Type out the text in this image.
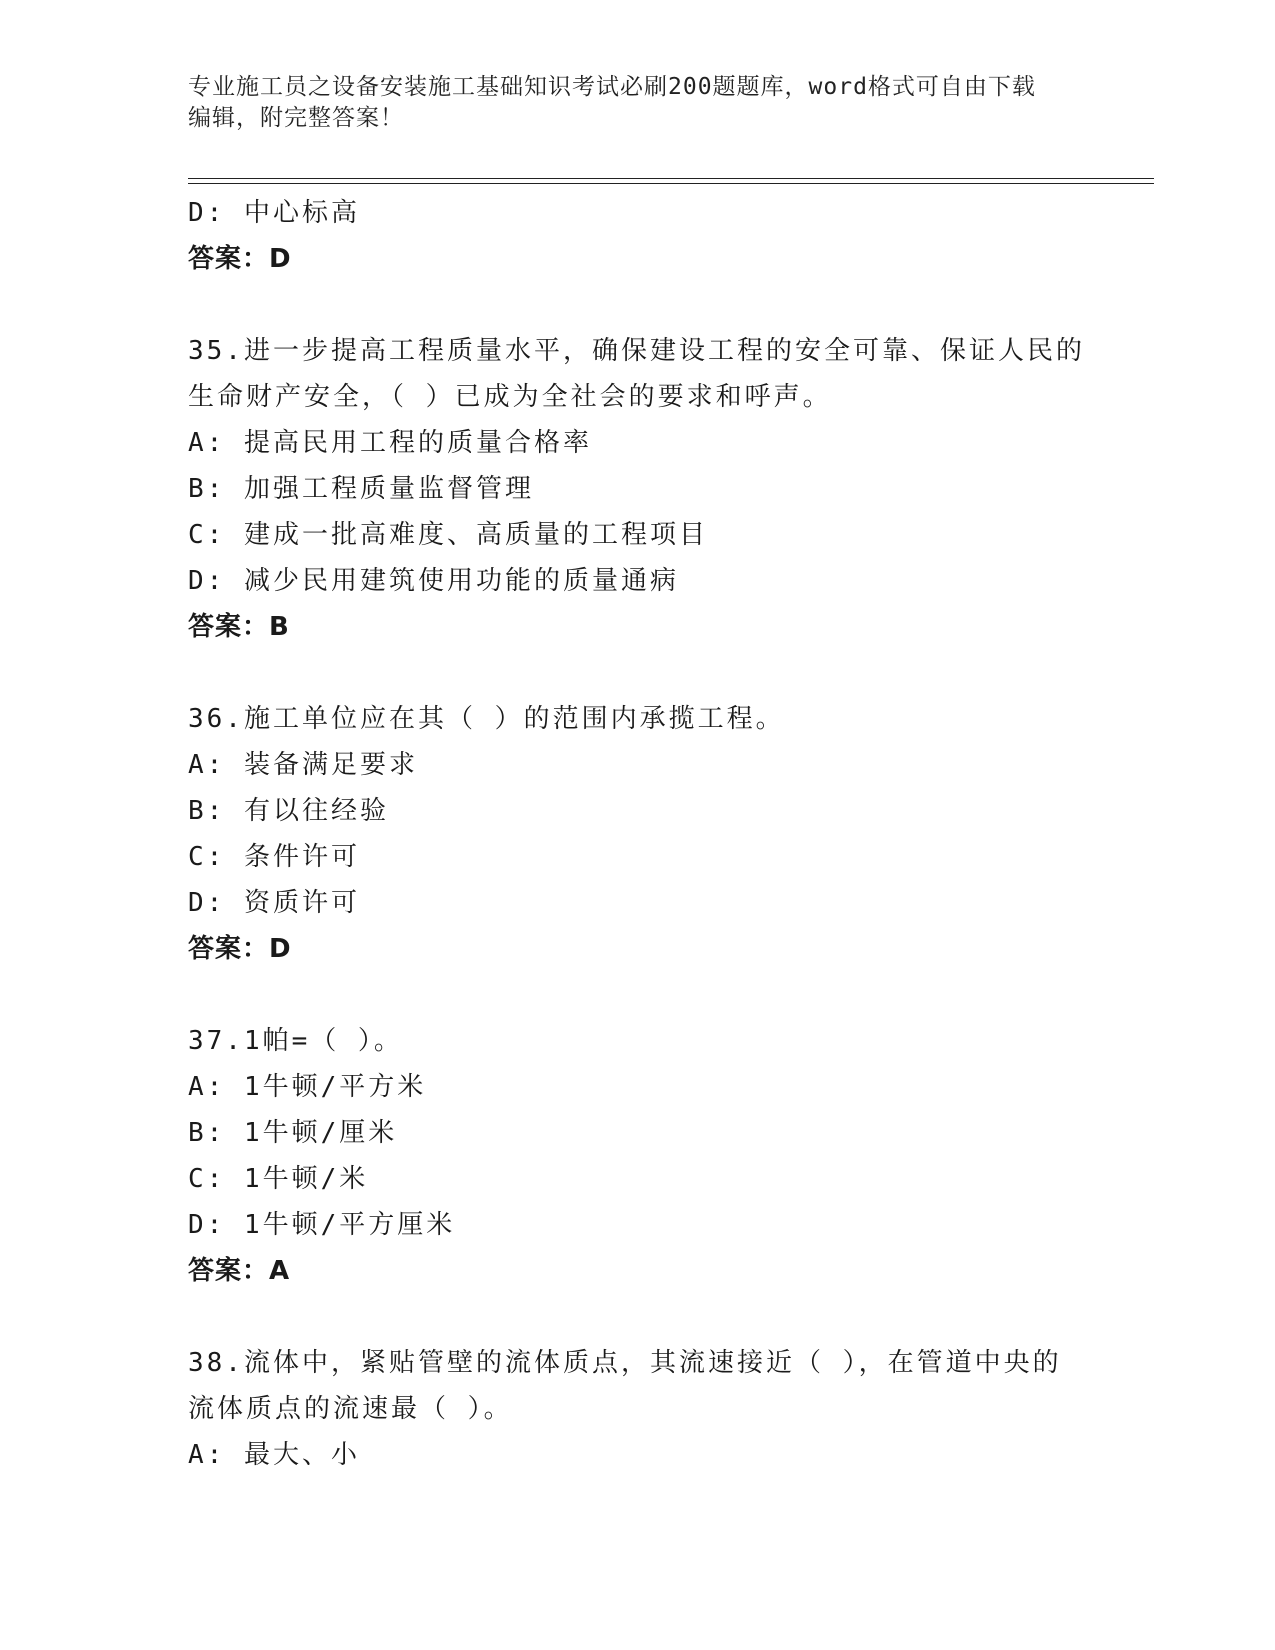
专业施工员之设备安装施工基础知识考试必刷200题题库，word格式可自由下载
编辑，附完整答案！
D: 中心标高
答案：D
35.进一步提高工程质量水平，确保建设工程的安全可靠、保证人民的
生命财产安全，（ ）已成为全社会的要求和呼声。
A: 提高民用工程的质量合格率
B: 加强工程质量监督管理
C: 建成一批高难度、高质量的工程项目
D: 减少民用建筑使用功能的质量通病
答案：B
36.施工单位应在其（ ）的范围内承揽工程。
A: 装备满足要求
B: 有以往经验
C: 条件许可
D: 资质许可
答案：D
37.1帕=（ ）。
A: 1牛顿/平方米
B: 1牛顿/厘米
C: 1牛顿/米
D: 1牛顿/平方厘米
答案：A
38.流体中，紧贴管壁的流体质点，其流速接近（ ），在管道中央的
流体质点的流速最（ ）。
A: 最大、小
